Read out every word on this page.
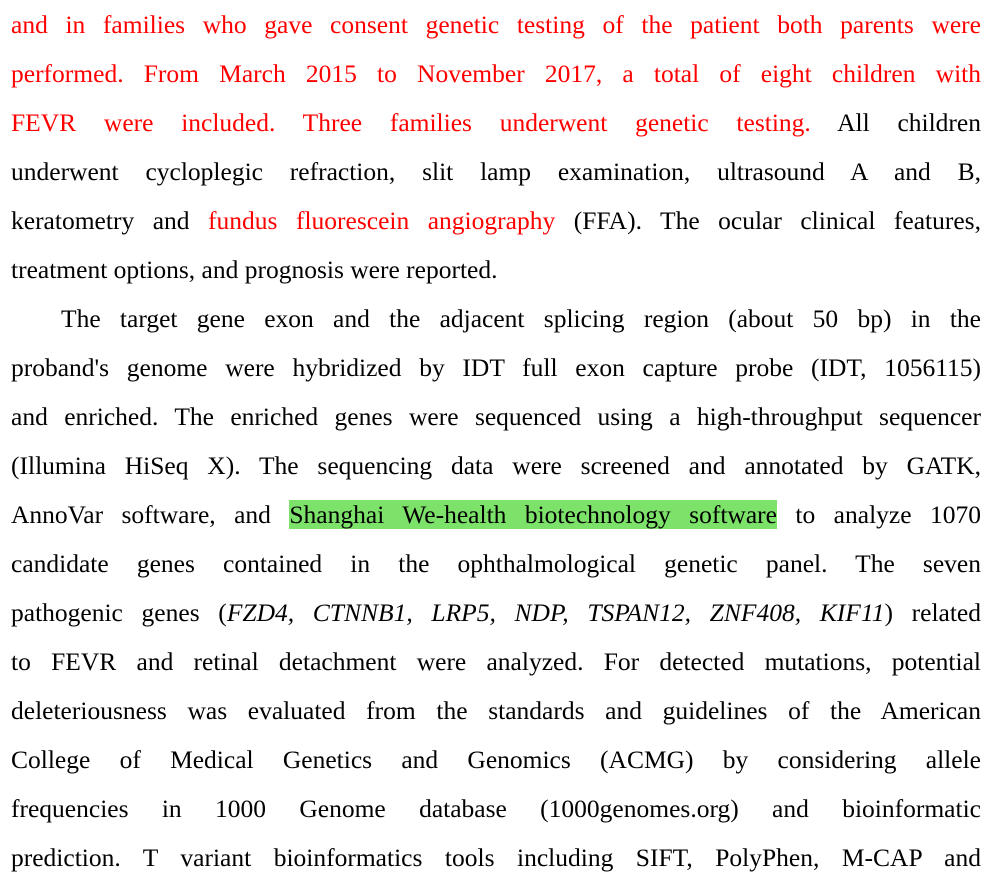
and in families who gave consent genetic testing of the patient both parents were
performed. From March 2015 to November 2017, a total of eight children with
FEVR were included. Three families underwent genetic testing. All children
underwent cycloplegic refraction, slit lamp examination, ultrasound A and B,
keratometry and fundus fluorescein angiography (FFA). The ocular clinical features,
treatment options, and prognosis were reported.
The target gene exon and the adjacent splicing region (about 50 bp) in the
proband's genome were hybridized by IDT full exon capture probe (IDT, 1056115)
and enriched. The enriched genes were sequenced using a high-throughput sequencer
(Illumina HiSeq X). The sequencing data were screened and annotated by GATK,
AnnoVar software, and Shanghai We-health biotechnology software to analyze 1070
candidate genes contained in the ophthalmological genetic panel. The seven
pathogenic genes (FZD4, CTNNB1, LRP5, NDP, TSPAN12, ZNF408, KIF11) related
to FEVR and retinal detachment were analyzed. For detected mutations, potential
deleteriousness was evaluated from the standards and guidelines of the American
College of Medical Genetics and Genomics (ACMG) by considering allele
frequencies in 1000 Genome database (1000genomes.org) and bioinformatic
prediction. T variant bioinformatics tools including SIFT, PolyPhen, M-CAP and
